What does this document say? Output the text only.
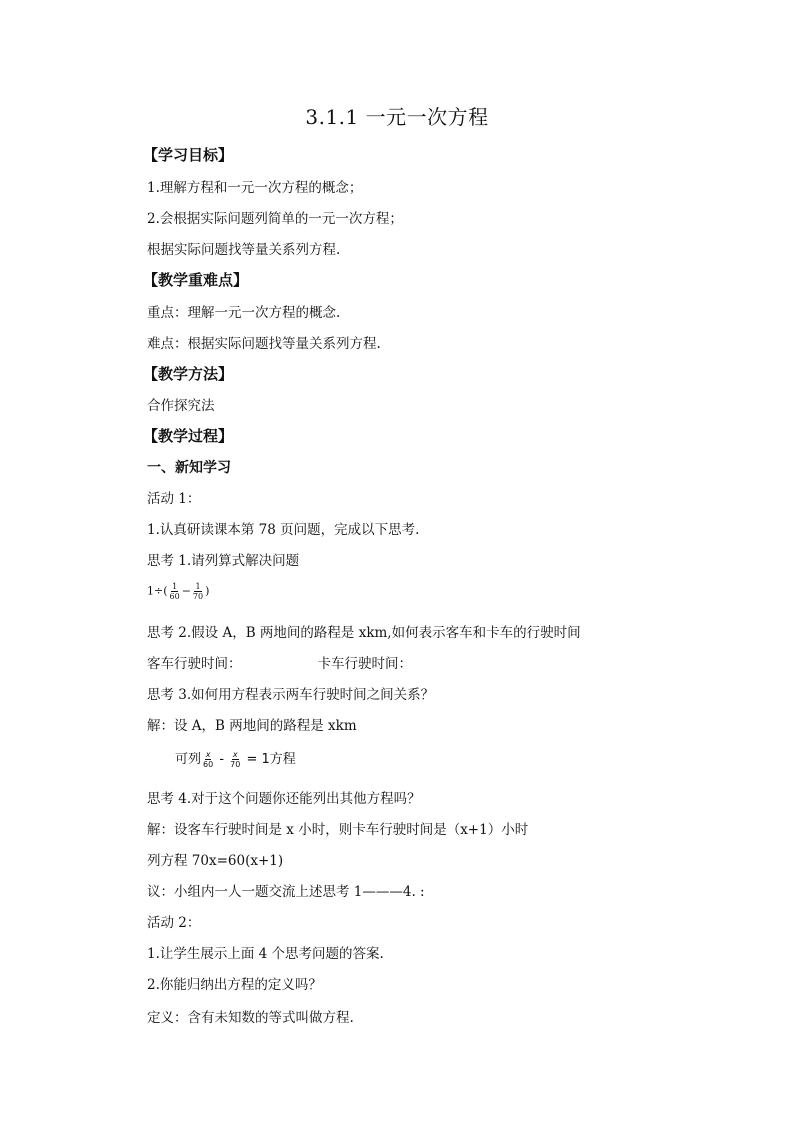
3.1.1 一元一次方程
【学习目标】
1.理解方程和一元一次方程的概念；
2.会根据实际问题列简单的一元一次方程；
根据实际问题找等量关系列方程.
【教学重难点】
重点：理解一元一次方程的概念.
难点：根据实际问题找等量关系列方程.
【教学方法】
合作探究法
【教学过程】
一、新知学习
活动 1：
1.认真研读课本第 78 页问题，完成以下思考.
思考 1.请列算式解决问题
$1\div( \frac{1}{60} - \frac{1}{70}$ )
思考 2.假设 A，B 两地间的路程是 xkm,如何表示客车和卡车的行驶时间
客车行驶时间：	卡车行驶时间：
思考 3.如何用方程表示两车行驶时间之间关系？
解：设 A，B 两地间的路程是 xkm
可列 $\frac{x}{60} - \frac{x}{70} = 1$方程
思考 4.对于这个问题你还能列出其他方程吗？
解：设客车行驶时间是 x 小时，则卡车行驶时间是（x+1）小时
列方程 70x=60(x+1)
议：小组内一人一题交流上述思考 1———4. :
活动 2：
1.让学生展示上面 4 个思考问题的答案.
2.你能归纳出方程的定义吗？
定义：含有未知数的等式叫做方程.
